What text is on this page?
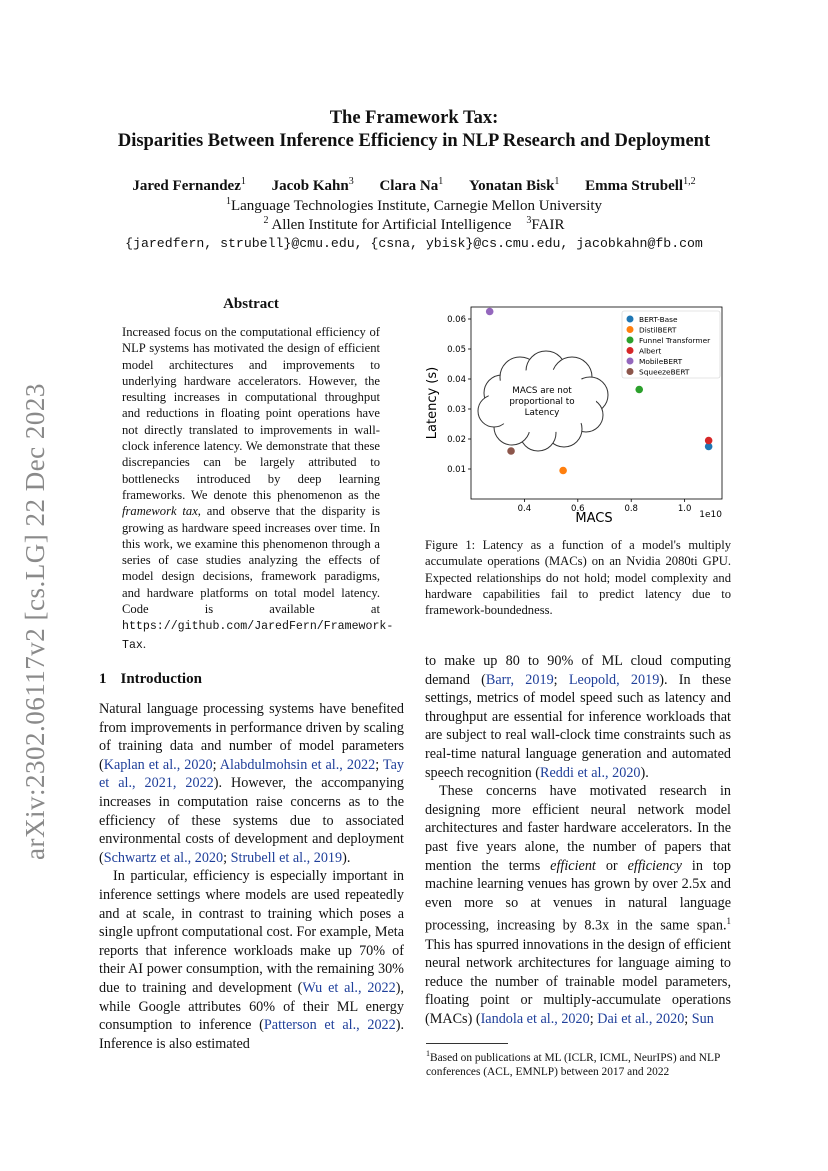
arXiv:2302.06117v2 [cs.LG] 22 Dec 2023
The Framework Tax:
Disparities Between Inference Efficiency in NLP Research and Deployment
Jared Fernandez$^1$ Jacob Kahn$^3$ Clara Na$^1$ Yonatan Bisk$^1$ Emma Strubell$^{1,2}$
$^1$Language Technologies Institute, Carnegie Mellon University
$^2$ Allen Institute for Artificial Intelligence $^3$FAIR
{jaredfern, strubell}@cmu.edu, {csna, ybisk}@cs.cmu.edu, jacobkahn@fb.com
Abstract
Increased focus on the computational efficiency of NLP systems has motivated the design of efficient model architectures and improvements to underlying hardware accelerators. However, the resulting increases in computational throughput and reductions in floating point operations have not directly translated to improvements in wall-clock inference latency. We demonstrate that these discrepancies can be largely attributed to bottlenecks introduced by deep learning frameworks. We denote this phenomenon as the framework tax, and observe that the disparity is growing as hardware speed increases over time. In this work, we examine this phenomenon through a series of case studies analyzing the effects of model design decisions, framework paradigms, and hardware platforms on total model latency. Code is available at https://github.com/JaredFern/Framework-Tax.
1 Introduction

Natural language processing systems have benefited from improvements in performance driven by scaling of training data and number of model parameters (Kaplan et al., 2020; Alabdulmohsin et al., 2022; Tay et al., 2021, 2022). However, the accompanying increases in computation raise concerns as to the efficiency of these systems due to associated environmental costs of development and deployment (Schwartz et al., 2020; Strubell et al., 2019).

In particular, efficiency is especially important in inference settings where models are used repeatedly and at scale, in contrast to training which poses a single upfront computational cost. For example, Meta reports that inference workloads make up 70% of their AI power consumption, with the remaining 30% due to training and development (Wu et al., 2022), while Google attributes 60% of their ML energy consumption to inference (Patterson et al., 2022). Inference is also estimated

0.4	0.6	0.8	1.0
0.01
0.02
0.03
0.04
0.05
0.06
MACS are not
proportional to
Latency
BERT-Base
DistilBERT
Funnel Transformer
Albert
MobileBERT
SqueezeBERT
Latency (s)
MACS	1e10
Figure 1: Latency as a function of a model's multiply accumulate operations (MACs) on an Nvidia 2080ti GPU. Expected relationships do not hold; model complexity and hardware capabilities fail to predict latency due to framework-boundedness.

to make up 80 to 90% of ML cloud computing demand (Barr, 2019; Leopold, 2019). In these settings, metrics of model speed such as latency and throughput are essential for inference workloads that are subject to real wall-clock time constraints such as real-time natural language generation and automated speech recognition (Reddi et al., 2020).

These concerns have motivated research in designing more efficient neural network model architectures and faster hardware accelerators. In the past five years alone, the number of papers that mention the terms efficient or efficiency in top machine learning venues has grown by over 2.5x and even more so at venues in natural language processing, increasing by 8.3x in the same span.$^1$ This has spurred innovations in the design of efficient neural network architectures for language aiming to reduce the number of trainable model parameters, floating point or multiply-accumulate operations (MACs) (Iandola et al., 2020; Dai et al., 2020; Sun

$^1$Based on publications at ML (ICLR, ICML, NeurIPS) and NLP conferences (ACL, EMNLP) between 2017 and 2022
